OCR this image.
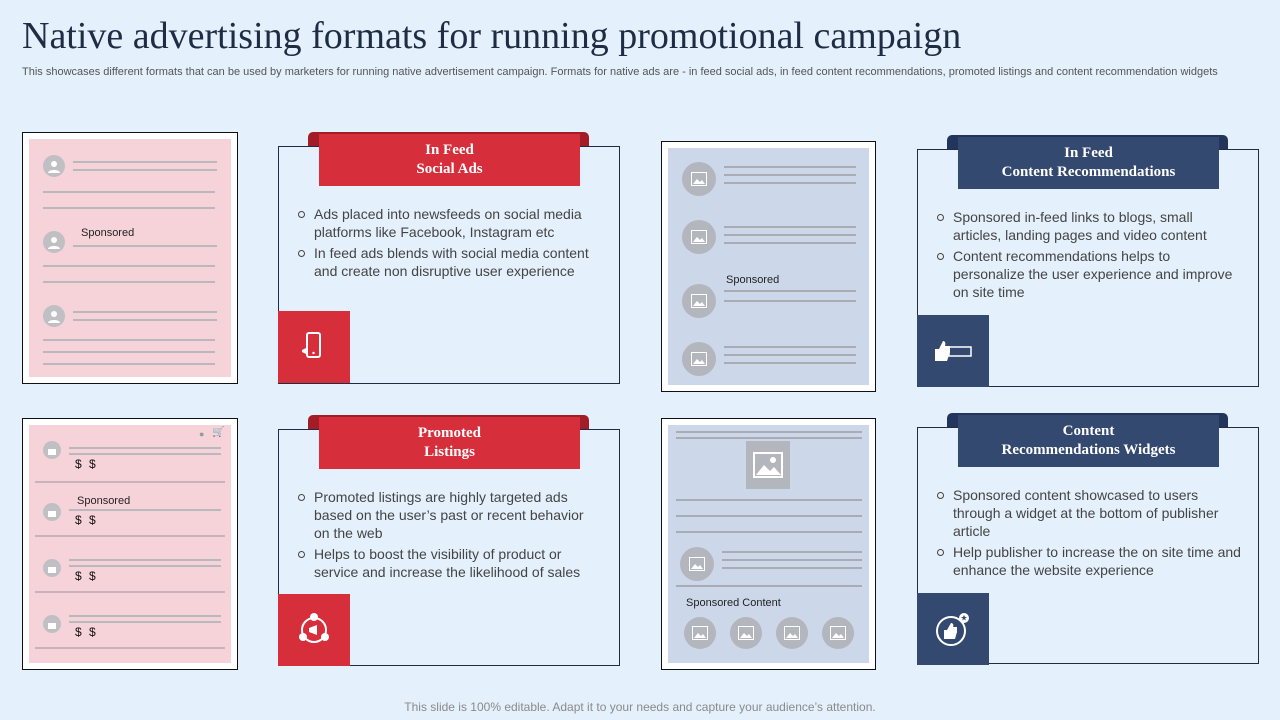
Native advertising formats for running promotional campaign

This showcases different formats that can be used by marketers for running native advertisement campaign. Formats for native ads are - in feed social ads, in feed content recommendations, promoted listings and content recommendation widgets

Sponsored
● 🛒
$ $
Sponsored
$ $
$ $
$ $
Sponsored
Sponsored Content
In Feed
Social Ads
Ads placed into newsfeeds on social media platforms like Facebook, Instagram etc
In feed ads blends with social media content and create non disruptive user experience
In Feed
Content Recommendations
Sponsored in-feed links to blogs, small articles, landing pages and video content
Content recommendations helps to personalize the user experience and improve on site time
Promoted
Listings
Promoted listings are highly targeted ads based on the user’s past or recent behavior on the web
Helps to boost the visibility of product or service and increase the likelihood of sales
Content
Recommendations Widgets
Sponsored content showcased to users through a widget at the bottom of publisher article
Help publisher to increase the on site time and enhance the website experience
This slide is 100% editable. Adapt it to your needs and capture your audience’s attention.
